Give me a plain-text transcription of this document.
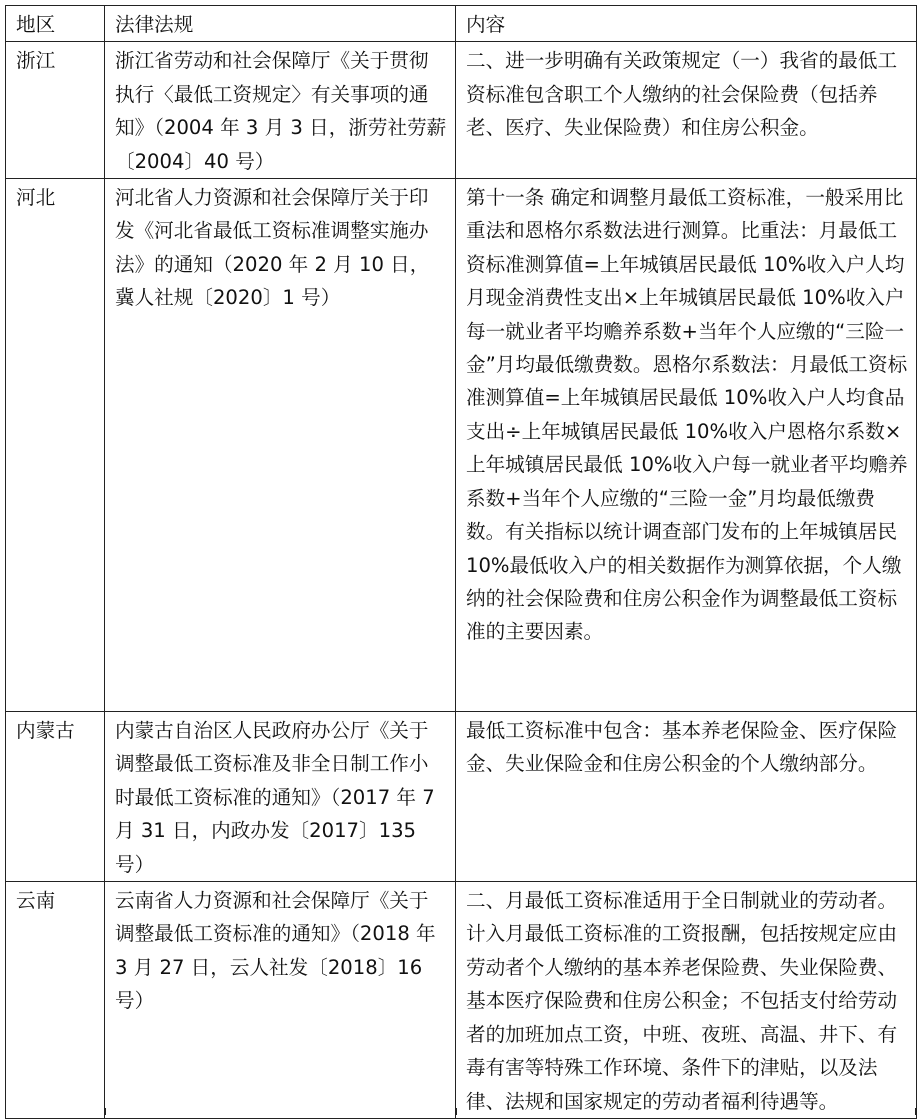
地区	法律法规	内容
浙江	浙江省劳动和社会保障厅《关于贯彻执行〈最低工资规定〉有关事项的通知》（2004 年 3 月 3 日，浙劳社劳薪〔2004〕40 号）	二、进一步明确有关政策规定（一）我省的最低工资标准包含职工个人缴纳的社会保险费（包括养老、医疗、失业保险费）和住房公积金。
河北	河北省人力资源和社会保障厅关于印发《河北省最低工资标准调整实施办法》的通知（2020 年 2 月 10 日，冀人社规〔2020〕1 号）	第十一条 确定和调整月最低工资标准，一般采用比重法和恩格尔系数法进行测算。比重法：月最低工资标准测算值=上年城镇居民最低 10%收入户人均月现金消费性支出×上年城镇居民最低 10%收入户每一就业者平均赡养系数+当年个人应缴的“三险一金”月均最低缴费数。恩格尔系数法：月最低工资标准测算值=上年城镇居民最低 10%收入户人均食品支出÷上年城镇居民最低 10%收入户恩格尔系数×上年城镇居民最低 10%收入户每一就业者平均赡养系数+当年个人应缴的“三险一金”月均最低缴费数。有关指标以统计调查部门发布的上年城镇居民 10%最低收入户的相关数据作为测算依据，个人缴纳的社会保险费和住房公积金作为调整最低工资标准的主要因素。
内蒙古	内蒙古自治区人民政府办公厅《关于调整最低工资标准及非全日制工作小时最低工资标准的通知》（2017 年 7 月 31 日，内政办发〔2017〕135 号）	最低工资标准中包含：基本养老保险金、医疗保险金、失业保险金和住房公积金的个人缴纳部分。
云南	云南省人力资源和社会保障厅《关于调整最低工资标准的通知》（2018 年 3 月 27 日，云人社发〔2018〕16 号）	二、月最低工资标准适用于全日制就业的劳动者。计入月最低工资标准的工资报酬，包括按规定应由劳动者个人缴纳的基本养老保险费、失业保险费、基本医疗保险费和住房公积金；不包括支付给劳动者的加班加点工资，中班、夜班、高温、井下、有毒有害等特殊工作环境、条件下的津贴，以及法律、法规和国家规定的劳动者福利待遇等。
